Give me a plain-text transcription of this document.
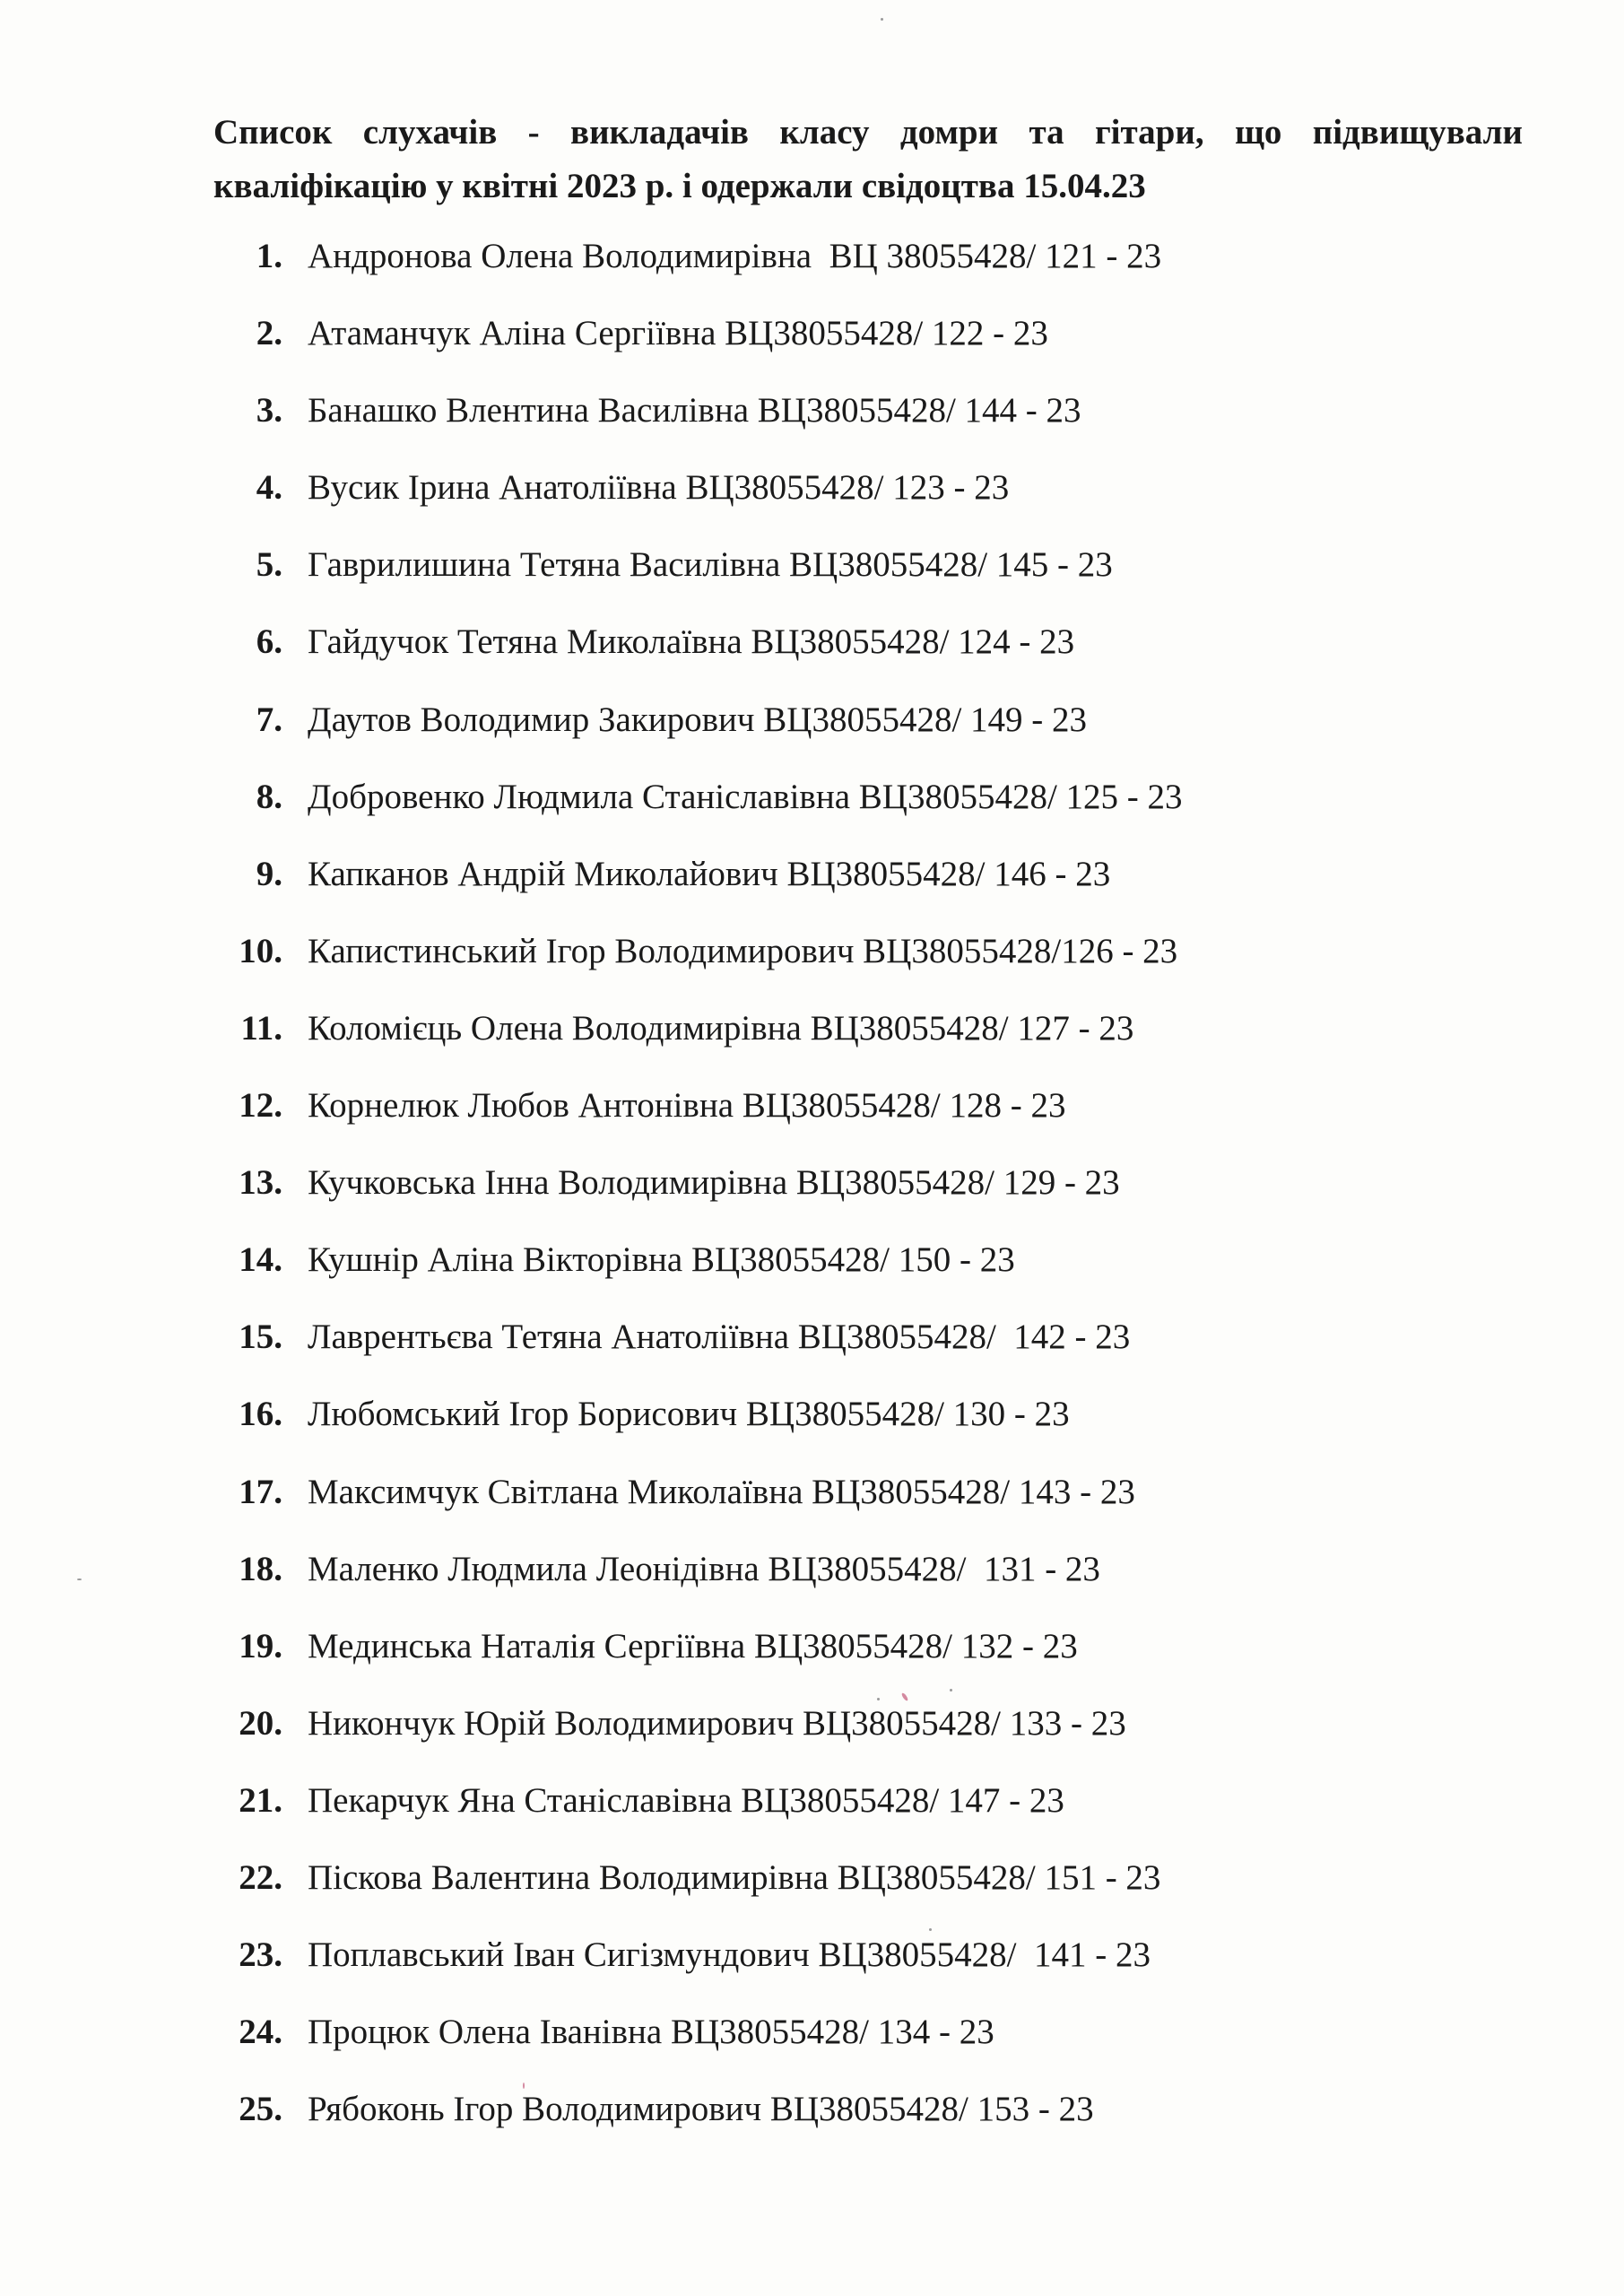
Список слухачів - викладачів класу домри та гітари, що підвищували кваліфікацію у квітні 2023 р. і одержали свідоцтва 15.04.23

1. Андронова Олена Володимирівна  ВЦ 38055428/ 121 - 23
2. Атаманчук Аліна Сергіївна ВЦ38055428/ 122 - 23
3. Банашко Влентина Василівна ВЦ38055428/ 144 - 23
4. Вусик Ірина Анатоліївна ВЦ38055428/ 123 - 23
5. Гаврилишина Тетяна Василівна ВЦ38055428/ 145 - 23
6. Гайдучок Тетяна Миколаївна ВЦ38055428/ 124 - 23
7. Даутов Володимир Закирович ВЦ38055428/ 149 - 23
8. Добровенко Людмила Станіславівна ВЦ38055428/ 125 - 23
9. Капканов Андрій Миколайович ВЦ38055428/ 146 - 23
10. Капистинський Ігор Володимирович ВЦ38055428/126 - 23
11. Коломієць Олена Володимирівна ВЦ38055428/ 127 - 23
12. Корнелюк Любов Антонівна ВЦ38055428/ 128 - 23
13. Кучковська Інна Володимирівна ВЦ38055428/ 129 - 23
14. Кушнір Аліна Вікторівна ВЦ38055428/ 150 - 23
15. Лаврентьєва Тетяна Анатоліївна ВЦ38055428/  142 - 23
16. Любомський Ігор Борисович ВЦ38055428/ 130 - 23
17. Максимчук Світлана Миколаївна ВЦ38055428/ 143 - 23
18. Маленко Людмила Леонідівна ВЦ38055428/  131 - 23
19. Мединська Наталія Сергіївна ВЦ38055428/ 132 - 23
20. Никончук Юрій Володимирович ВЦ38055428/ 133 - 23
21. Пекарчук Яна Станіславівна ВЦ38055428/ 147 - 23
22. Піскова Валентина Володимирівна ВЦ38055428/ 151 - 23
23. Поплавський Іван Сигізмундович ВЦ38055428/  141 - 23
24. Процюк Олена Іванівна ВЦ38055428/ 134 - 23
25. Рябоконь Ігор Володимирович ВЦ38055428/ 153 - 23
